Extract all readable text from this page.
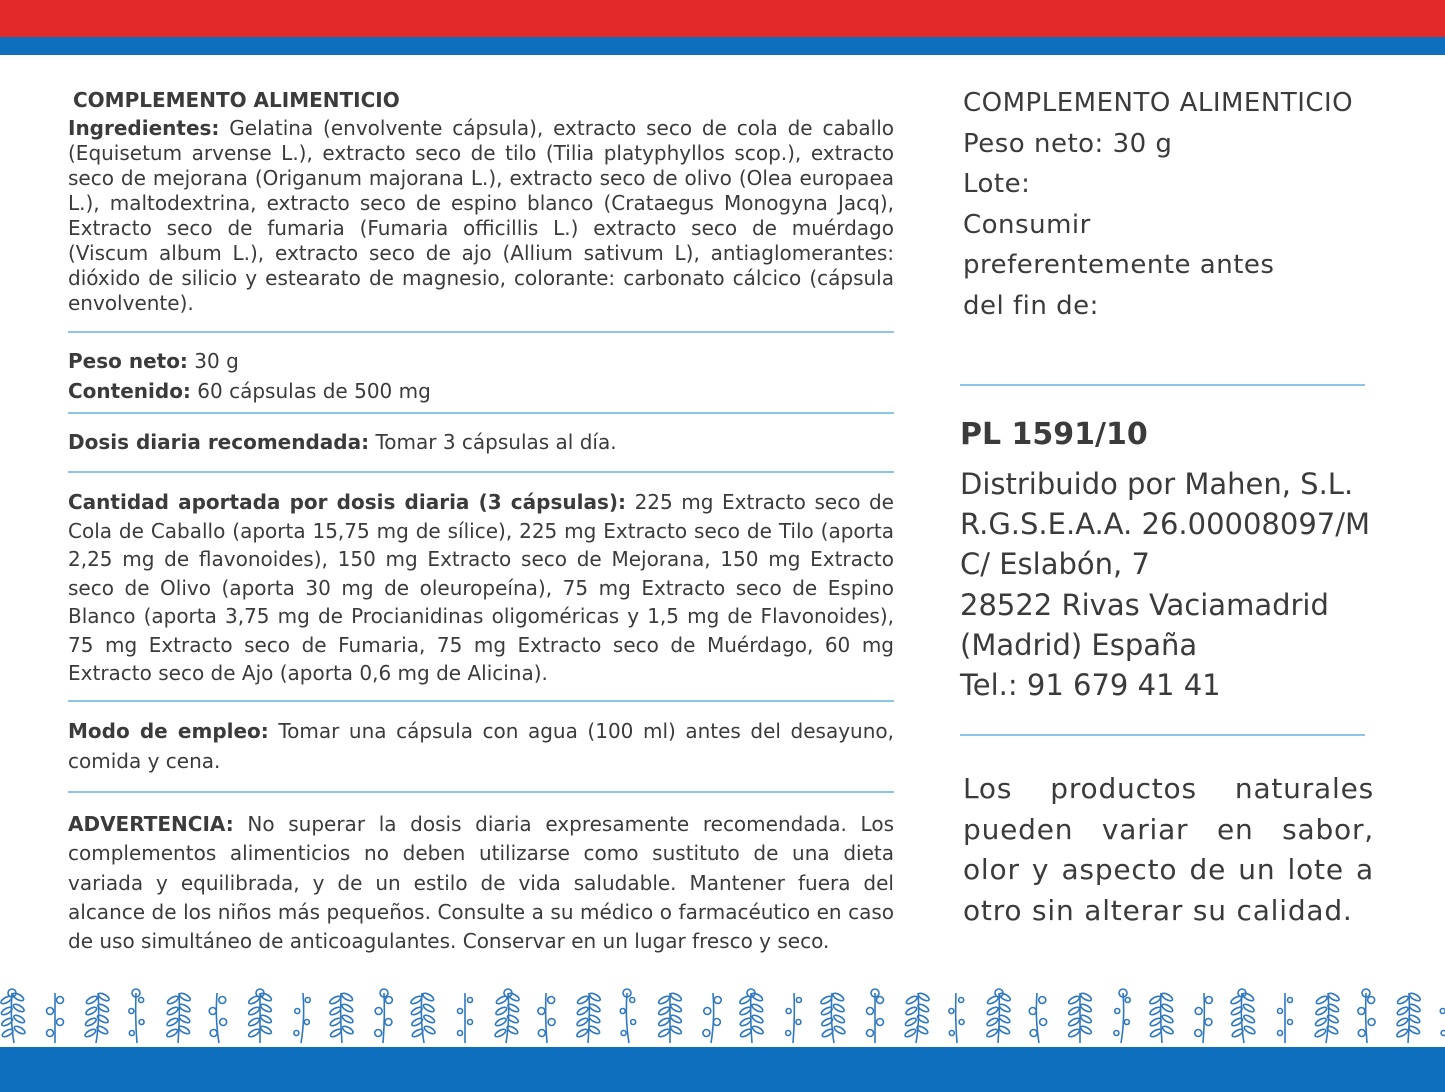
COMPLEMENTO ALIMENTICIO

Ingredientes: Gelatina (envolvente cápsula), extracto seco de cola de caballo (Equisetum arvense L.), extracto seco de tilo (Tilia platyphyllos scop.), extracto seco de mejorana (Origanum majorana L.), extracto seco de olivo (Olea europaea L.), maltodextrina, extracto seco de espino blanco (Crataegus Monogyna Jacq), Extracto seco de fumaria (Fumaria officillis L.) extracto seco de muérdago (Viscum album L.), extracto seco de ajo (Allium sativum L), antiaglomerantes: dióxido de silicio y estearato de magnesio, colorante: carbonato cálcico (cápsula envolvente).

Peso neto: 30 g
Contenido: 60 cápsulas de 500 mg
Dosis diaria recomendada: Tomar 3 cápsulas al día.

Cantidad aportada por dosis diaria (3 cápsulas): 225 mg Extracto seco de Cola de Caballo (aporta 15,75 mg de sílice), 225 mg Extracto seco de Tilo (aporta 2,25 mg de flavonoides), 150 mg Extracto seco de Mejorana, 150 mg Extracto seco de Olivo (aporta 30 mg de oleuropeína), 75 mg Extracto seco de Espino Blanco (aporta 3,75 mg de Procianidinas oligoméricas y 1,5 mg de Flavonoides), 75 mg Extracto seco de Fumaria, 75 mg Extracto seco de Muérdago, 60 mg Extracto seco de Ajo (aporta 0,6 mg de Alicina).

Modo de empleo: Tomar una cápsula con agua (100 ml) antes del desayuno, comida y cena.

ADVERTENCIA: No superar la dosis diaria expresamente recomendada. Los complementos alimenticios no deben utilizarse como sustituto de una dieta variada y equilibrada, y de un estilo de vida saludable. Mantener fuera del alcance de los niños más pequeños. Consulte a su médico o farmacéutico en caso de uso simultáneo de anticoagulantes. Conservar en un lugar fresco y seco.

COMPLEMENTO ALIMENTICIO
Peso neto: 30 g
Lote:
Consumir
preferentemente antes
del fin de:
PL 1591/10
Distribuido por Mahen, S.L.
R.G.S.E.A.A. 26.00008097/M
C/ Eslabón, 7
28522 Rivas Vaciamadrid
(Madrid) España
Tel.: 91 679 41 41
Los productos naturales pueden variar en sabor, olor y aspecto de un lote a otro sin alterar su calidad.
